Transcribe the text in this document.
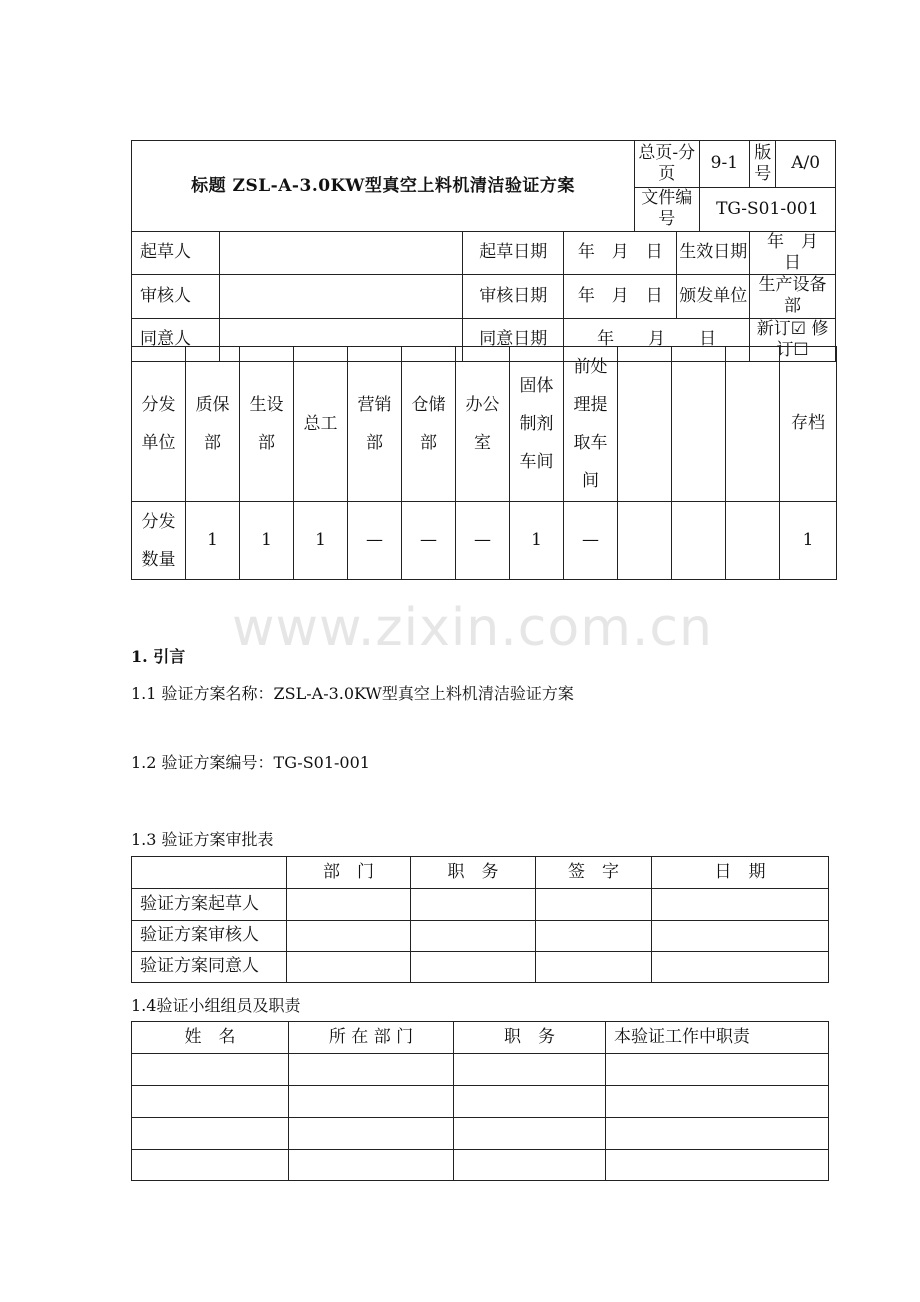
www.zixin.com.cn
标题 ZSL-A-3.0KW型真空上料机清洁验证方案				总页-分页		9-1	版号	A/0
				文件编号		TG-S01-001		
起草人		起草日期	年　月　日		生效日期		年　月　日	
审核人		审核日期	年　月　日		颁发单位		生产设备部	
同意人		同意日期	年　　月　　日				新订☑ 修订☐	
分发单位	质保部	生设部	总工	营销部	仓储部	办公室	固体制剂车间	前处理提取车间				存档

分发数量	1	1	1	—	—	—	1	—				1
1. 引言
1.1 验证方案名称：ZSL-A-3.0KW型真空上料机清洁验证方案
1.2 验证方案编号：TG-S01-001
1.3 验证方案审批表
	部　门	职　务	签　字	日　期
验证方案起草人				
验证方案审核人				
验证方案同意人				
1.4验证小组组员及职责
姓　名	所 在 部 门	职　务	本验证工作中职责
